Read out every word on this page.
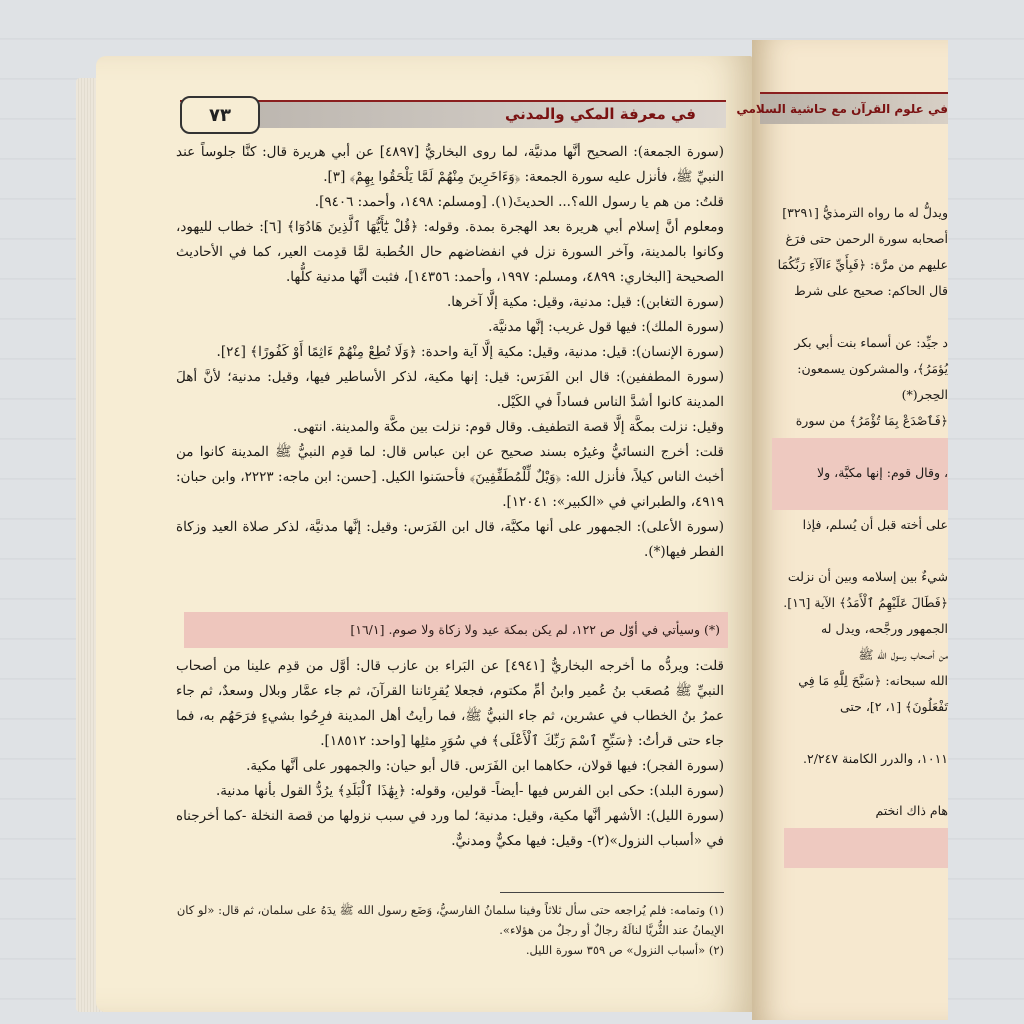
في معرفة المكي والمدني
٧٣

(سورة الجمعة): الصحيح أنَّها مدنيَّة، لما روى البخاريُّ [٤٨٩٧] عن أبي هريرة قال: كنَّا جلوساً عند النبيِّ ﷺ، فأنزل عليه سورة الجمعة: ﴿وَءَاخَرِينَ مِنْهُمْ لَمَّا يَلْحَقُوا بِهِمْ﴾ [٣].

قلتُ: من هم يا رسول الله؟... الحديثَ(١). [ومسلم: ١٤٩٨، وأحمد: ٩٤٠٦].

ومعلوم أنَّ إسلام أبي هريرة بعد الهجرة بمدة. وقوله: ﴿قُلْ يَٰٓأَيُّهَا ٱلَّذِينَ هَادُوٓا﴾ [٦]: خطاب لليهود، وكانوا بالمدينة، وآخر السورة نزل في انفضاضهم حال الخُطبة لمَّا قدِمت العير، كما في الأحاديث الصحيحة [البخاري: ٤٨٩٩، ومسلم: ١٩٩٧، وأحمد: ١٤٣٥٦]، فثبت أنَّها مدنية كلُّها.

(سورة التغابن): قيل: مدنية، وقيل: مكية إلَّا آخرها.

(سورة الملك): فيها قول غريب: إنَّها مدنيَّة.

(سورة الإنسان): قيل: مدنية، وقيل: مكية إلَّا آية واحدة: ﴿وَلَا تُطِعْ مِنْهُمْ ءَاثِمًا أَوْ كَفُورًا﴾ [٢٤].

(سورة المطففين): قال ابن الفَرَس: قيل: إنها مكية، لذكر الأساطير فيها، وقيل: مدنية؛ لأنَّ أهلَ المدينة كانوا أشدَّ الناس فساداً في الكَيْل.

وقيل: نزلت بمكَّة إلَّا قصة التطفيف. وقال قوم: نزلت بين مكَّة والمدينة. انتهى.

قلت: أخرج النسائيُّ وغيرُه بسند صحيح عن ابن عباس قال: لما قدِم النبيُّ ﷺ المدينة كانوا من أخبث الناس كيلاً، فأنزل الله: ﴿وَيْلٌ لِّلْمُطَفِّفِينَ﴾ فأحسَنوا الكيل. [حسن: ابن ماجه: ٢٢٢٣، وابن حبان: ٤٩١٩، والطبراني في «الكبير»: ١٢٠٤١].

(سورة الأعلى): الجمهور على أنها مكيَّة، قال ابن الفَرَس: وقيل: إنَّها مدنيَّة، لذكر صلاة العيد وزكاة الفطر فيها(*).

(*) وسيأتي في أوّل ص ١٢٢، لم يكن بمكة عيد ولا زكاة ولا صوم. [١٦/١]

قلت: ويردُّه ما أخرجه البخاريُّ [٤٩٤١] عن البَراء بن عازب قال: أوَّل من قدِم علينا من أصحاب النبيِّ ﷺ مُصعَب بنُ عُمير وابنُ أمِّ مكتوم، فجعلا يُقرِئاننا القرآنَ، ثم جاء عمَّار وبلال وسعدٌ، ثم جاء عمرُ بنُ الخطاب في عشرين، ثم جاء النبيُّ ﷺ، فما رأيتُ أهل المدينة فرِحُوا بشيءٍ فرَحَهُم به، فما جاء حتى قرأتُ: ﴿سَبِّحِ ٱسْمَ رَبِّكَ ٱلْأَعْلَى﴾ في سُوَرٍ مثلِها [واحد: ١٨٥١٢].

(سورة الفجر): فيها قولان، حكاهما ابن الفَرَس. قال أبو حيان: والجمهور على أنَّها مكية.

(سورة البلد): حكى ابن الفرس فيها -أيضاً- قولين، وقوله: ﴿بِهَٰذَا ٱلْبَلَدِ﴾ يرُدُّ القول بأنها مدنية.

(سورة الليل): الأشهر أنَّها مكية، وقيل: مدنية؛ لما ورد في سبب نزولها من قصة النخلة -كما أخرجناه في «أسباب النزول»(٢)- وقيل: فيها مكيٌّ ومدنيٌّ.

(١) وتمامه: فلم يُراجعه حتى سأل ثلاثاً وفينا سلمانُ الفارسيُّ، وَضَع رسول الله ﷺ يدَهُ على سلمان، ثم قال: «لو كان الإيمانُ عند الثُّريَّا لنالَهُ رجالٌ أو رجلٌ من هؤلاء».

(٢) «أسباب النزول» ص ٣٥٩ سورة الليل.

في علوم القرآن مع حاشية السلامي

ويدلُّ له ما رواه الترمذيُّ [٣٢٩١]

أصحابه سورة الرحمن حتى فرَغ

عليهم من مرَّة: ﴿فَبِأَيِّ ءَالَآءِ رَبِّكُمَا

قال الحاكم: صحيح على شرط

د جيِّد: عن أسماء بنت أبي بكر

يُؤمَرُ﴾، والمشركون يسمعون:

الحِجر(*)

﴿فَٱصْدَعْ بِمَا تُؤْمَرُ﴾ من سورة

، وقال قوم: إنها مكيَّة، ولا

على أخته قبل أن يُسلم، فإذا

شيءٌ بين إسلامه وبين أن نزلت

﴿فَطَالَ عَلَيْهِمُ ٱلْأَمَدُ﴾ الآية [١٦].

الجمهور ورجَّحه، ويدل له

من أصحاب رسول الله ﷺ

الله سبحانه: ﴿سَبَّحَ لِلَّهِ مَا فِي

تَفْعَلُونَ﴾ [١، ٢]، حتى

١٠١١، والدرر الكامنة ٢/٢٤٧.

هام ذاك انختم
